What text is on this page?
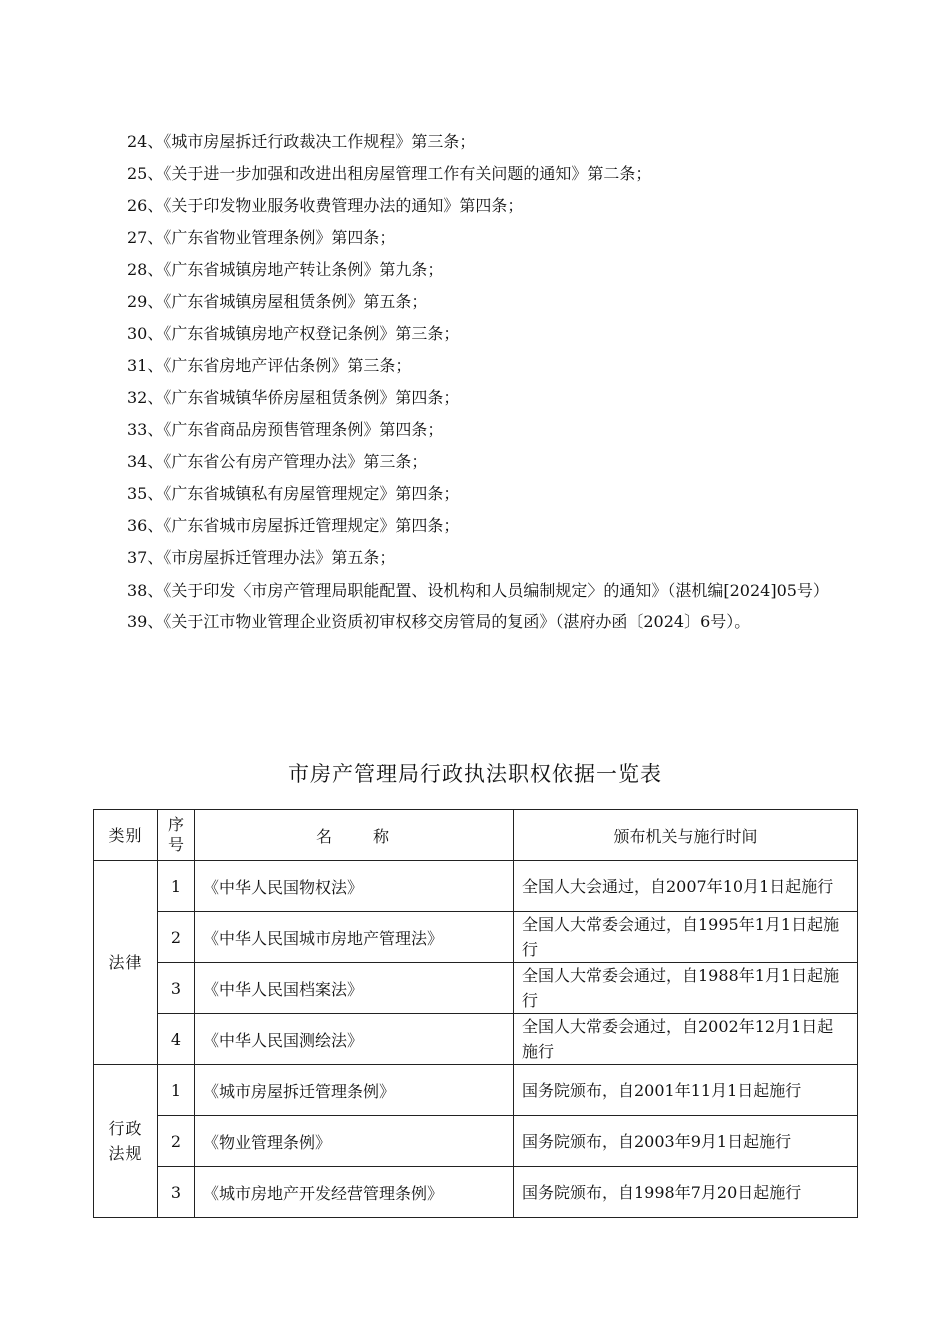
24、《城市房屋拆迁行政裁决工作规程》第三条；
25、《关于进一步加强和改进出租房屋管理工作有关问题的通知》第二条；
26、《关于印发物业服务收费管理办法的通知》第四条；
27、《广东省物业管理条例》第四条；
28、《广东省城镇房地产转让条例》第九条；
29、《广东省城镇房屋租赁条例》第五条；
30、《广东省城镇房地产权登记条例》第三条；
31、《广东省房地产评估条例》第三条；
32、《广东省城镇华侨房屋租赁条例》第四条；
33、《广东省商品房预售管理条例》第四条；
34、《广东省公有房产管理办法》第三条；
35、《广东省城镇私有房屋管理规定》第四条；
36、《广东省城市房屋拆迁管理规定》第四条；
37、《市房屋拆迁管理办法》第五条；
38、《关于印发〈市房产管理局职能配置、设机构和人员编制规定〉的通知》（湛机编[2024]05号）
39、《关于江市物业管理企业资质初审权移交房管局的复函》（湛府办函〔2024〕6号）。
市房产管理局行政执法职权依据一览表
类别	序号	名　　称	颁布机关与施行时间
法律	1	《中华人民国物权法》	全国人大会通过，自2007年10月1日起施行
	2	《中华人民国城市房地产管理法》	全国人大常委会通过，自1995年1月1日起施行
	3	《中华人民国档案法》	全国人大常委会通过，自1988年1月1日起施行
	4	《中华人民国测绘法》	全国人大常委会通过，自2002年12月1日起施行
行政法规	1	《城市房屋拆迁管理条例》	国务院颁布，自2001年11月1日起施行
	2	《物业管理条例》	国务院颁布，自2003年9月1日起施行
	3	《城市房地产开发经营管理条例》	国务院颁布，自1998年7月20日起施行
